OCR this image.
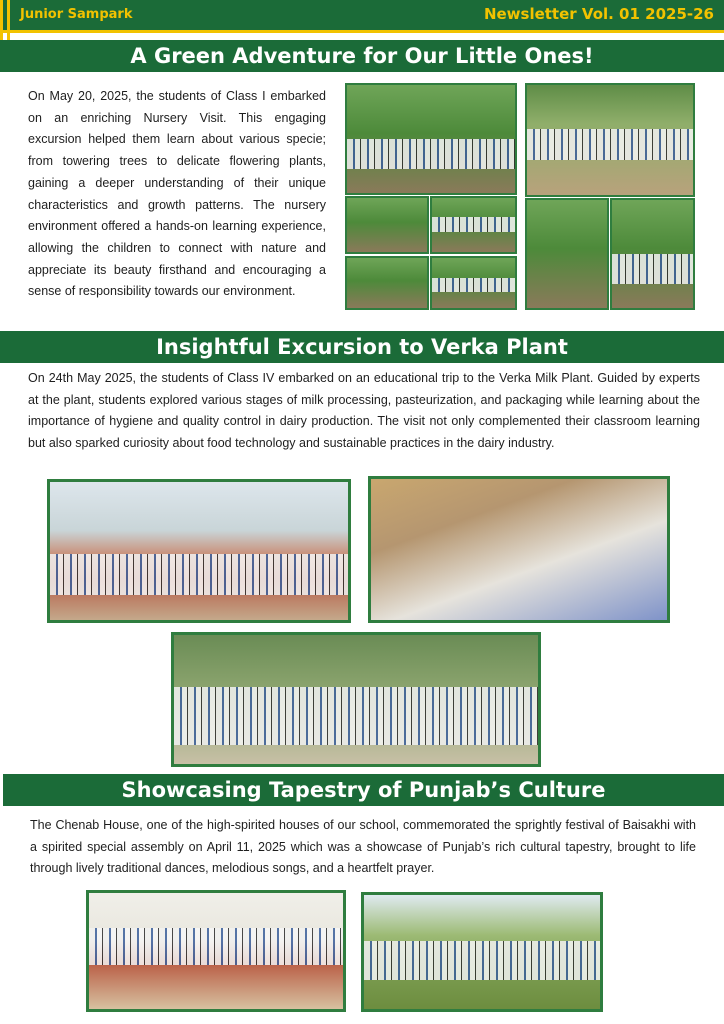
Junior Sampark	Newsletter Vol. 01 2025-26
A Green Adventure for Our Little Ones!

On May 20, 2025, the students of Class I embarked on an enriching Nursery Visit. This engaging excursion helped them learn about various specie; from towering trees to delicate flowering plants, gaining a deeper understanding of their unique characteristics and growth patterns. The nursery environment offered a hands-on learning experience, allowing the children to connect with nature and appreciate its beauty firsthand and encouraging a sense of responsibility towards our environment.

Insightful Excursion to Verka Plant

On 24th May 2025, the students of Class IV embarked on an educational trip to the Verka Milk Plant. Guided by experts at the plant, students explored various stages of milk processing, pasteurization, and packaging while learning about the importance of hygiene and quality control in dairy production. The visit not only complemented their classroom learning but also sparked curiosity about food technology and sustainable practices in the dairy industry.

Showcasing Tapestry of Punjab’s Culture

The Chenab House, one of the high-spirited houses of our school, commemorated the sprightly festival of Baisakhi with a spirited special assembly on April 11, 2025 which was a showcase of Punjab’s rich cultural tapestry, brought to life through lively traditional dances, melodious songs, and a heartfelt prayer.
